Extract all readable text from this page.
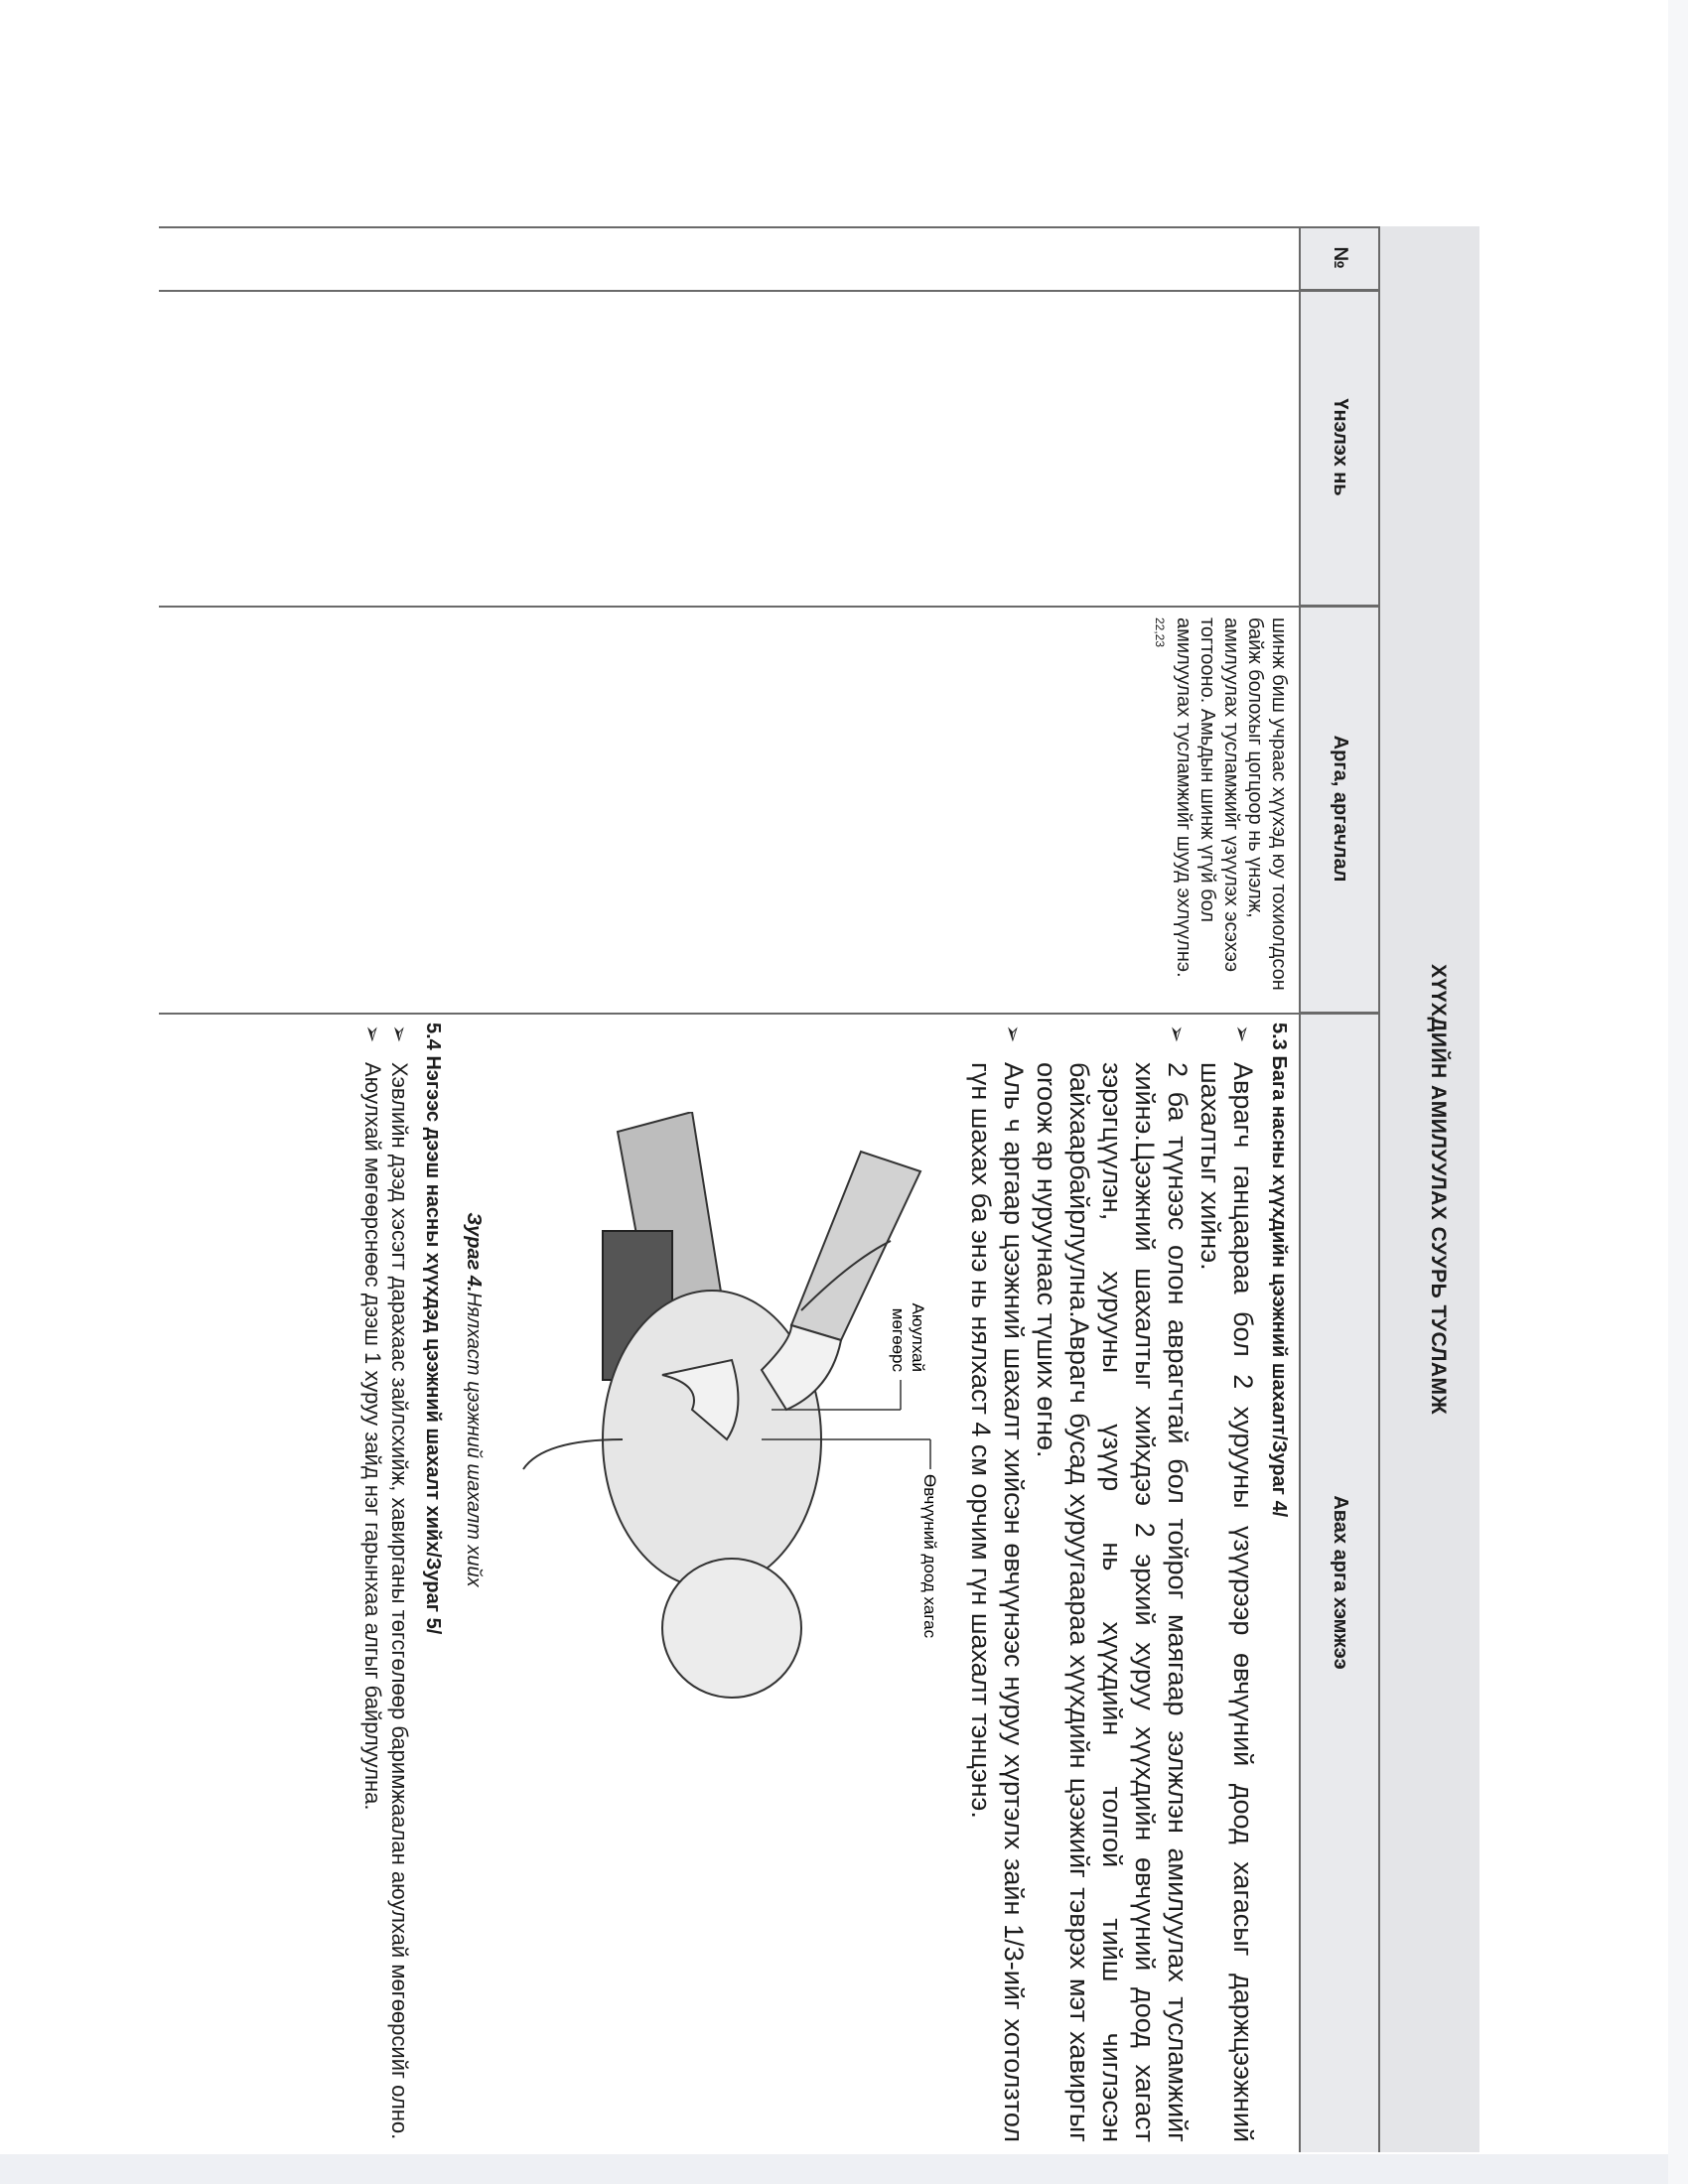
ХҮҮХДИЙН АМИЛУУЛАХ СУУРЬ ТУСЛАМЖ
№
Үнэлэх нь
Арга, аргачлал
Авах арга хэмжээ
шинж биш учраас хүүхэд юу тохиолдсон байж болохыг цогцоор нь үнэлж, амилуулах тусламжийг үзүүлэх эсэхээ тогтооно. Амьдын шинж үгүй бол амилуулах тусламжийг шууд эхлүүлнэ. $^{22,23}$
5.3 Бага насны хүүхдийн цээжний шахалт/Зураг 4/
➢
Аврагч ганцаараа бол 2 хурууны үзүүрээр өвчүүний доод хагасыг даржцээжний шахалтыг хийнэ.
➢
2 ба түүнээс олон аврагчтай бол тойрог маягаар зэлжлэн амилуулах тусламжийг хийнэ.Цээжний шахалтыг хийхдээ 2 эрхий хуруу хүүхдийн өвчүүний доод хагаст зэрэгцүүлэн, хурууны үзүүр нь хүүхдийн толгой тийш чиглэсэн байхаарбайрлуулна.Аврагч бусад хуруугаараа хүүхдийн цээжийг тэврэх мэт хавиргыг оroож ар нуруунаас түших өгнө.
➢
Аль ч аргаар цээжний шахалт хийсэн өвчүүнээс нуруу хүртэлх зайн 1/3-ийг хотолзтол гүн шахах ба энэ нь нялхаст 4 см орчим гүн шахалт тэнцэнэ.
Өвчүүний доод хагас
Аюулхай
мөгөөрс
Зураг 4.Нялхаст цээжний шахалт хийх
5.4 Нэгээс дээш насны хүүхдэд цээжний шахалт хийх/Зураг 5/
➢
Хэвлийн дээд хэсэгт дарахаас зайлсхийж, хавирганы төгсгөлөөр баримжаалан аюулхай мөгөөрсийг олно.
➢
Аюулхай мөгөөрснөөс дээш 1 хуруу зайд нэг гарынхаа алгыг байрлуулна.
